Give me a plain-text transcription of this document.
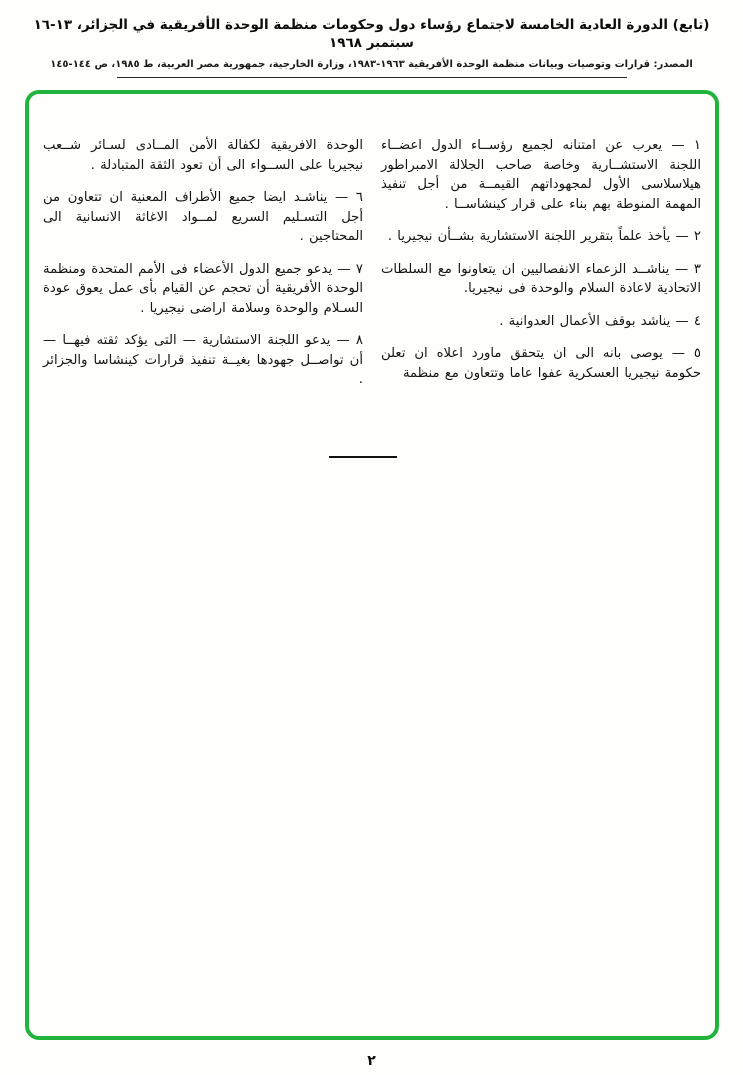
(تابع) الدورة العادية الخامسة لاجتماع رؤساء دول وحكومات منظمة الوحدة الأفريقية في الجزائر، ١٣-١٦ سبتمبر ١٩٦٨
المصدر: قرارات وتوصيات وبيانات منظمة الوحدة الأفريقية ١٩٦٣-١٩٨٣، وزارة الخارجية، جمهورية مصر العربية، ط ١٩٨٥، ص ١٤٤-١٤٥

١ — يعرب عن امتنانه لجميع رؤســاء الدول اعضــاء اللجنة الاستشــارية وخاصة صاحب الجلالة الامبراطور هيلاسلاسى الأول لمجهوداتهم القيمــة من أجل تنفيذ المهمة المنوطة بهم بناء على قرار كينشاســا .

٢ — يأخذ علماً بتقرير اللجنة الاستشارية بشــأن نيجيريا .

٣ — يناشــد الزعماء الانفصاليين ان يتعاونوا مع السلطات الاتحادية لاعادة السلام والوحدة فى نيجيريا.

٤ — يناشد بوقف الأعمال العدوانية .

٥ — يوصى بانه الى ان يتحقق ماورد اعلاه ان تعلن حكومة نيجيريا العسكرية عفوا عاما وتتعاون مع منظمة

الوحدة الافريقية لكفالة الأمن المــادى لسـائر شــعب نيجيريا على الســواء الى أن تعود الثقة المتبادلة .

٦ — يناشـد ايضا جميع الأطراف المعنية ان تتعاون من أجل التسـليم السريع لمــواد الاغاثة الانسانية الى المحتاجين .

٧ — يدعو جميع الدول الأعضاء فى الأمم المتحدة ومنظمة الوحدة الأفريقية أن تحجم عن القيام بأى عمل يعوق عودة السـلام والوحدة وسلامة اراضى نيجيريا .

٨ — يدعو اللجنة الاستشارية — التى يؤكد ثقته فيهــا — أن تواصــل جهودها بغيــة تنفيذ قرارات كينشاسا والجزائر .

٢
